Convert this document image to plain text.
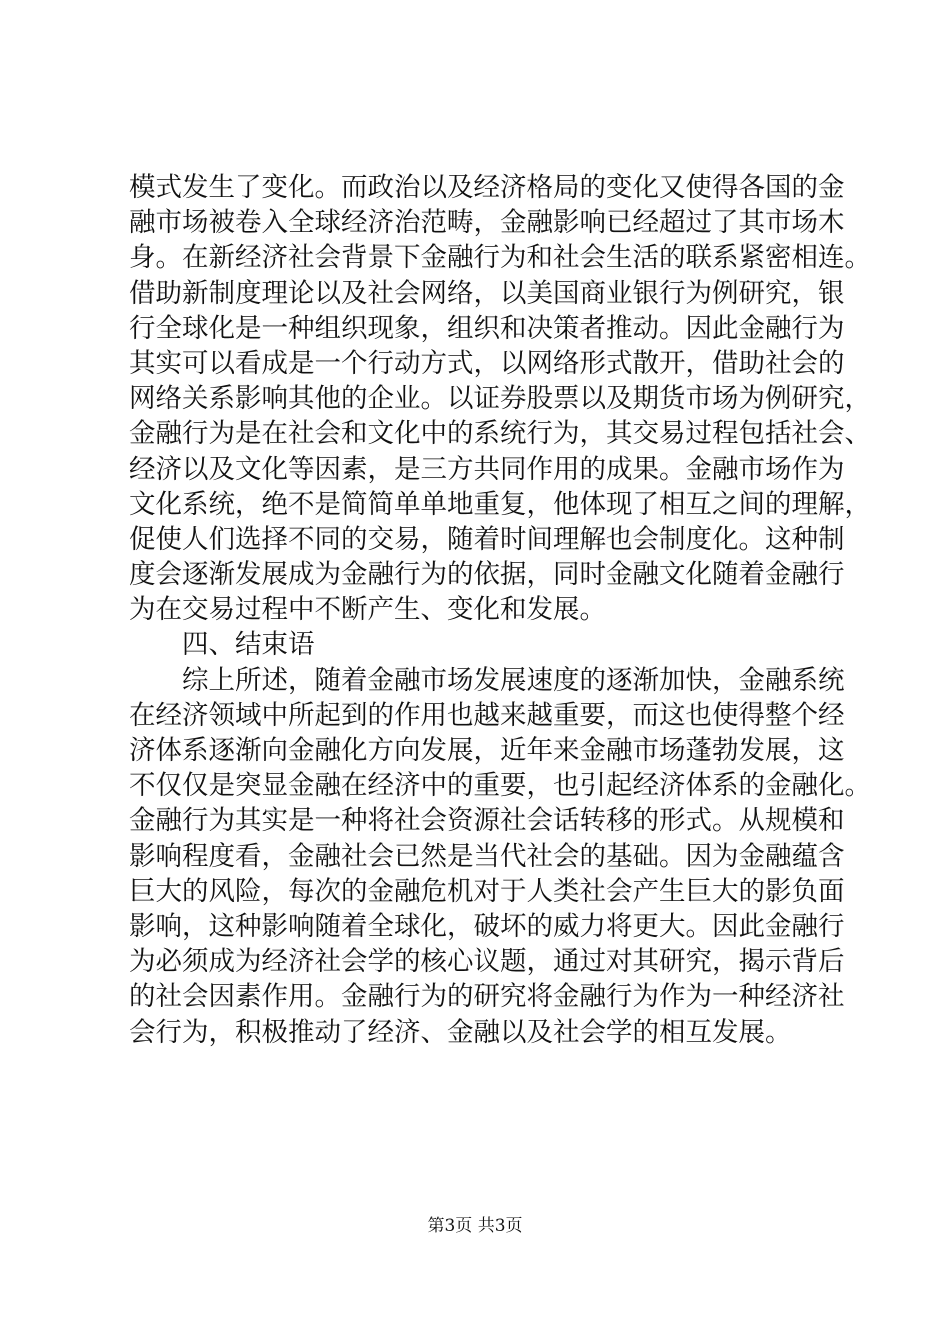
模式发生了变化。而政治以及经济格局的变化又使得各国的金
融市场被卷入全球经济治范畴，金融影响已经超过了其市场木
身。在新经济社会背景下金融行为和社会生活的联系紧密相连。
借助新制度理论以及社会网络，以美国商业银行为例研究，银
行全球化是一种组织现象，组织和决策者推动。因此金融行为
其实可以看成是一个行动方式，以网络形式散开，借助社会的
网络关系影响其他的企业。以证券股票以及期货市场为例研究，
金融行为是在社会和文化中的系统行为，其交易过程包括社会、
经济以及文化等因素，是三方共同作用的成果。金融市场作为
文化系统，绝不是简简单单地重复，他体现了相互之间的理解，
促使人们选择不同的交易，随着时间理解也会制度化。这种制
度会逐渐发展成为金融行为的依据，同时金融文化随着金融行
为在交易过程中不断产生、变化和发展。
　　四、结束语
　　综上所述，随着金融市场发展速度的逐渐加快，金融系统
在经济领域中所起到的作用也越来越重要，而这也使得整个经
济体系逐渐向金融化方向发展，近年来金融市场蓬勃发展，这
不仅仅是突显金融在经济中的重要，也引起经济体系的金融化。
金融行为其实是一种将社会资源社会话转移的形式。从规模和
影响程度看，金融社会已然是当代社会的基础。因为金融蕴含
巨大的风险，每次的金融危机对于人类社会产生巨大的影负面
影响，这种影响随着全球化，破坏的威力将更大。因此金融行
为必须成为经济社会学的核心议题，通过对其研究，揭示背后
的社会因素作用。金融行为的研究将金融行为作为一种经济社
会行为，积极推动了经济、金融以及社会学的相互发展。
第3页 共3页
